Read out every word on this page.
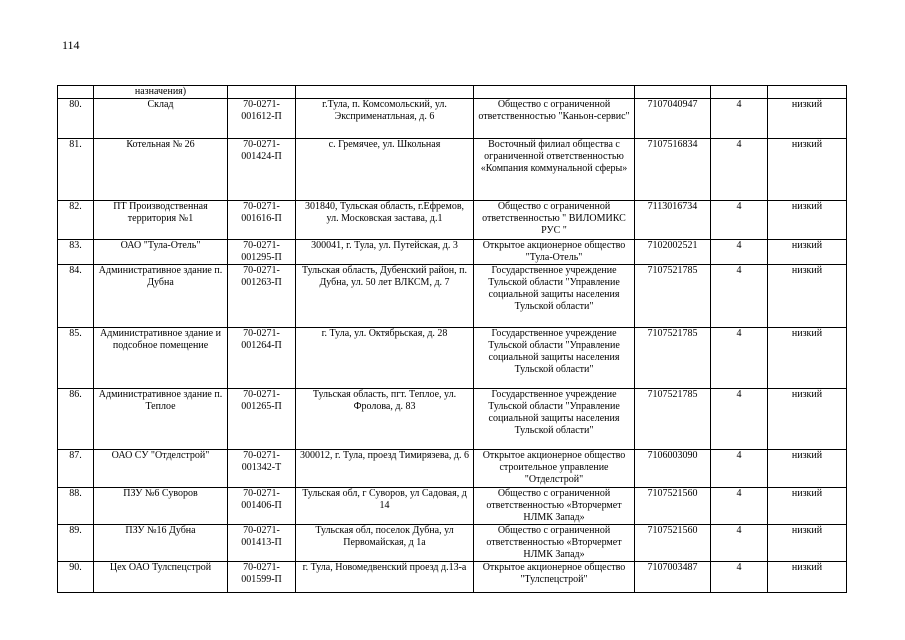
114
	назначения)						
80.	Склад	70-0271-001612-П	г.Тула, п. Комсомольский, ул. Эксприменатльная, д. 6	Общество с ограниченной ответственностью "Каньон-сервис"	7107040947	4	низкий
81.	Котельная № 26	70-0271-001424-П	с. Гремячее, ул. Школьная	Восточный филиал общества с ограниченной ответственностью «Компания коммунальной сферы»	7107516834	4	низкий
82.	ПТ Производственная территория №1	70-0271-001616-П	301840, Тульская область, г.Ефремов, ул. Московская застава, д.1	Общество с ограниченной ответственностью " ВИЛОМИКС РУС "	7113016734	4	низкий
83.	ОАО "Тула-Отель"	70-0271-001295-П	300041, г. Тула, ул. Путейская, д. 3	Открытое акционерное общество "Тула-Отель"	7102002521	4	низкий
84.	Административное здание п. Дубна	70-0271-001263-П	Тульская область, Дубенский район, п. Дубна, ул. 50 лет ВЛКСМ, д. 7	Государственное учреждение Тульской области "Управление социальной защиты населения Тульской области"	7107521785	4	низкий
85.	Административное здание и подсобное помещение	70-0271-001264-П	г. Тула, ул. Октябрьская, д. 28	Государственное учреждение Тульской области "Управление социальной защиты населения Тульской области"	7107521785	4	низкий
86.	Административное здание п. Теплое	70-0271-001265-П	Тульская область, пгт. Теплое, ул. Фролова, д. 83	Государственное учреждение Тульской области "Управление социальной защиты населения Тульской области"	7107521785	4	низкий
87.	ОАО СУ "Отделстрой"	70-0271-001342-Т	300012, г. Тула, проезд Тимирязева, д. 6	Открытое акционерное общество строительное управление "Отделстрой"	7106003090	4	низкий
88.	ПЗУ №6 Суворов	70-0271-001406-П	Тульская обл, г Суворов, ул Садовая, д 14	Общество с ограниченной ответственностью «Вторчермет НЛМК Запад»	7107521560	4	низкий
89.	ПЗУ №16 Дубна	70-0271-001413-П	Тульская обл, поселок Дубна, ул Первомайская, д 1а	Общество с ограниченной ответственностью «Вторчермет НЛМК Запад»	7107521560	4	низкий
90.	Цех ОАО Тулспецстрой	70-0271-001599-П	г. Тула, Новомедвенский проезд д.13-а	Открытое акционерное общество "Тулспецстрой"	7107003487	4	низкий
